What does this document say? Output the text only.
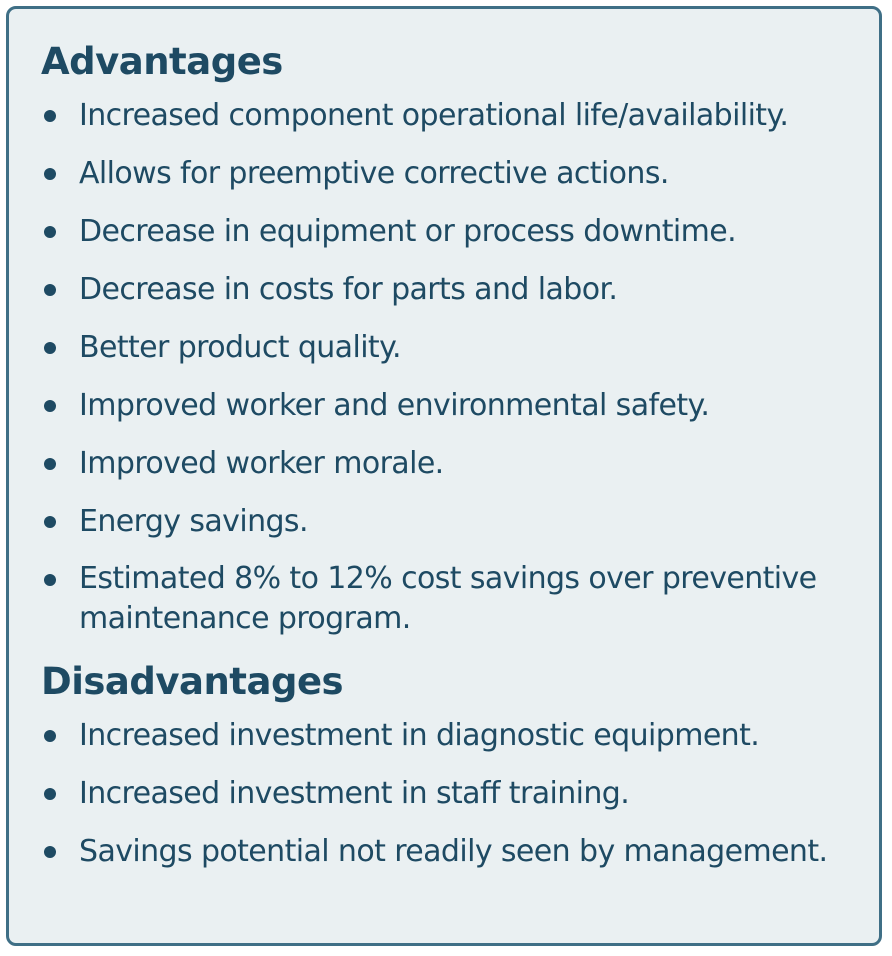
Advantages
Increased component operational life/availability.
Allows for preemptive corrective actions.
Decrease in equipment or process downtime.
Decrease in costs for parts and labor.
Better product quality.
Improved worker and environmental safety.
Improved worker morale.
Energy savings.
Estimated 8% to 12% cost savings over preventive maintenance program.
Disadvantages
Increased investment in diagnostic equipment.
Increased investment in staff training.
Savings potential not readily seen by management.
